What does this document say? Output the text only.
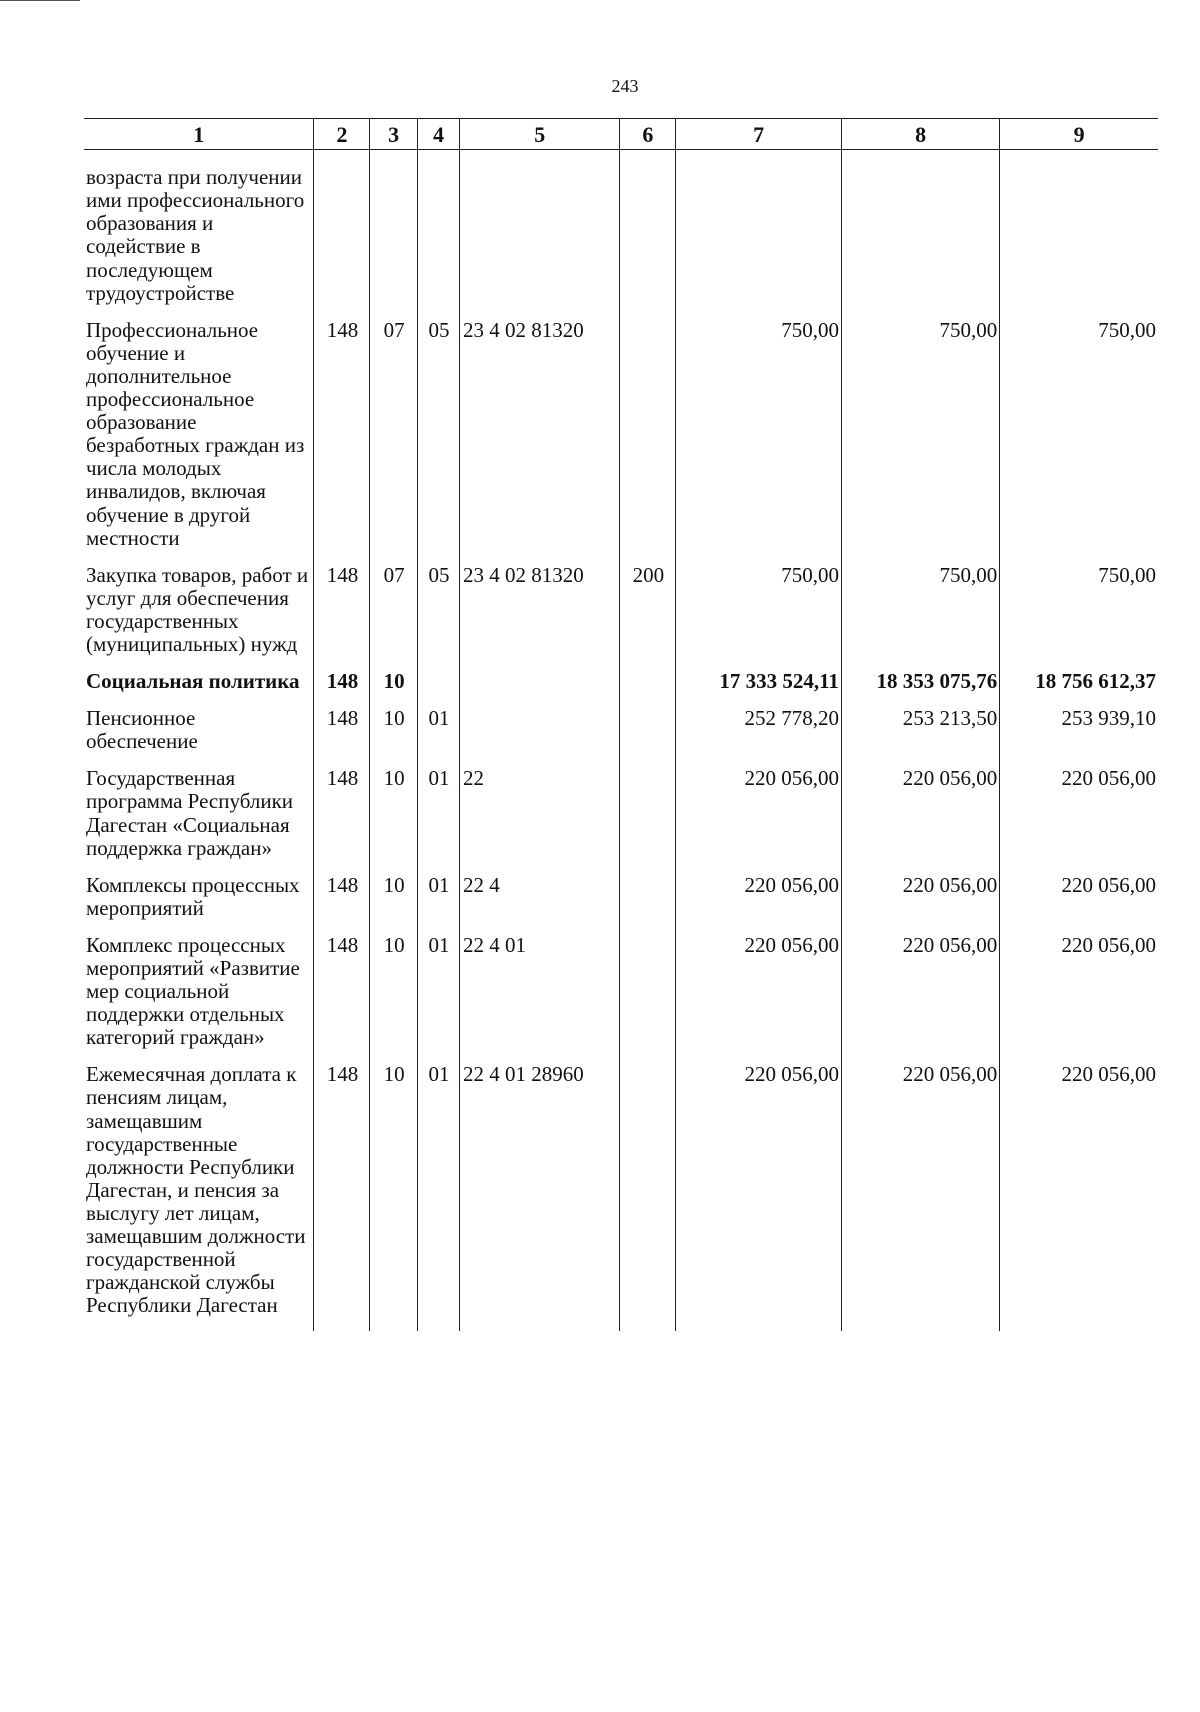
243
1	2	3	4	5	6	7	8	9
возраста при получении ими профессионального образования и содействие в последующем трудоустройстве								
Профессиональное обучение и дополнительное профессиональное образование безработных граждан из числа молодых инвалидов, включая обучение в другой местности	148	07	05	23 4 02 81320		750,00	750,00	750,00
Закупка товаров, работ и услуг для обеспечения государственных (муниципальных) нужд	148	07	05	23 4 02 81320	200	750,00	750,00	750,00
Социальная политика	148	10				17 333 524,11	18 353 075,76	18 756 612,37
Пенсионное обеспечение	148	10	01			252 778,20	253 213,50	253 939,10
Государственная программа Республики Дагестан «Социальная поддержка граждан»	148	10	01	22		220 056,00	220 056,00	220 056,00
Комплексы процессных мероприятий	148	10	01	22 4		220 056,00	220 056,00	220 056,00
Комплекс процессных мероприятий «Развитие мер социальной поддержки отдельных категорий граждан»	148	10	01	22 4 01		220 056,00	220 056,00	220 056,00
Ежемесячная доплата к пенсиям лицам, замещавшим государственные должности Республики Дагестан, и пенсия за выслугу лет лицам, замещавшим должности государственной гражданской службы Республики Дагестан	148	10	01	22 4 01 28960		220 056,00	220 056,00	220 056,00
